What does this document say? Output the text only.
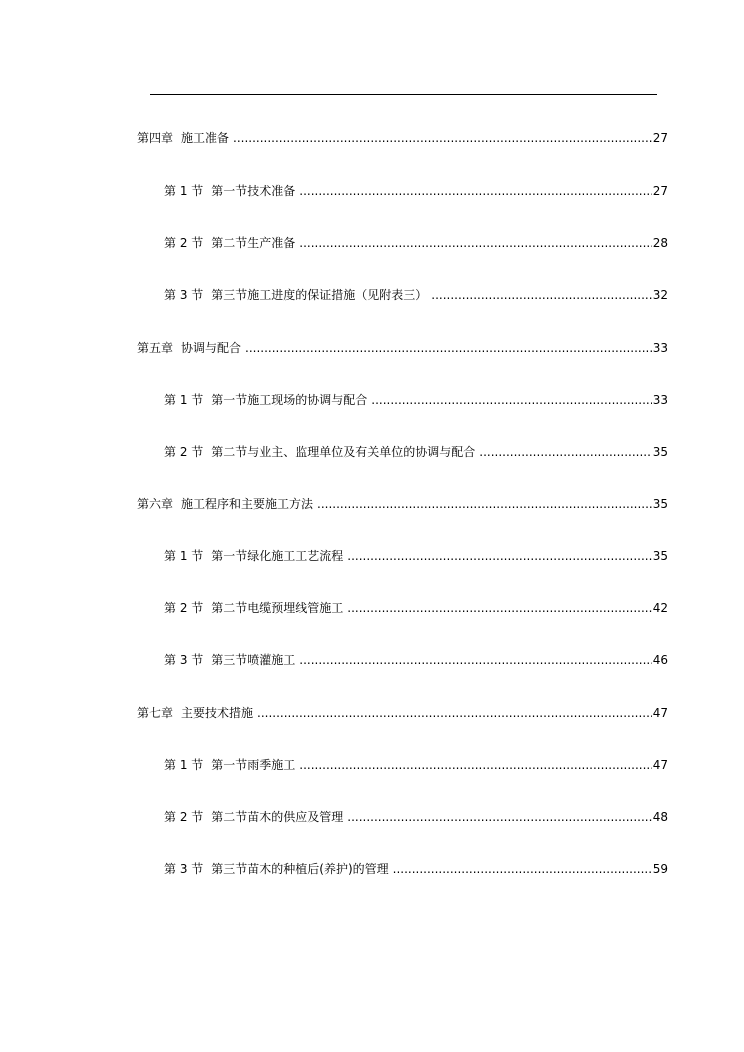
第四章 施工准备 .....	27
第 1 节 第一节技术准备 .....	27
第 2 节 第二节生产准备 .....	28
第 3 节 第三节施工进度的保证措施（见附表三） .....	32
第五章 协调与配合 .....	33
第 1 节 第一节施工现场的协调与配合 .....	33
第 2 节 第二节与业主、监理单位及有关单位的协调与配合 .....	35
第六章 施工程序和主要施工方法 .....	35
第 1 节 第一节绿化施工工艺流程 .....	35
第 2 节 第二节电缆预埋线管施工 .....	42
第 3 节 第三节喷灌施工 .....	46
第七章 主要技术措施 .....	47
第 1 节 第一节雨季施工 .....	47
第 2 节 第二节苗木的供应及管理 .....	48
第 3 节 第三节苗木的种植后(养护)的管理 .....	59
